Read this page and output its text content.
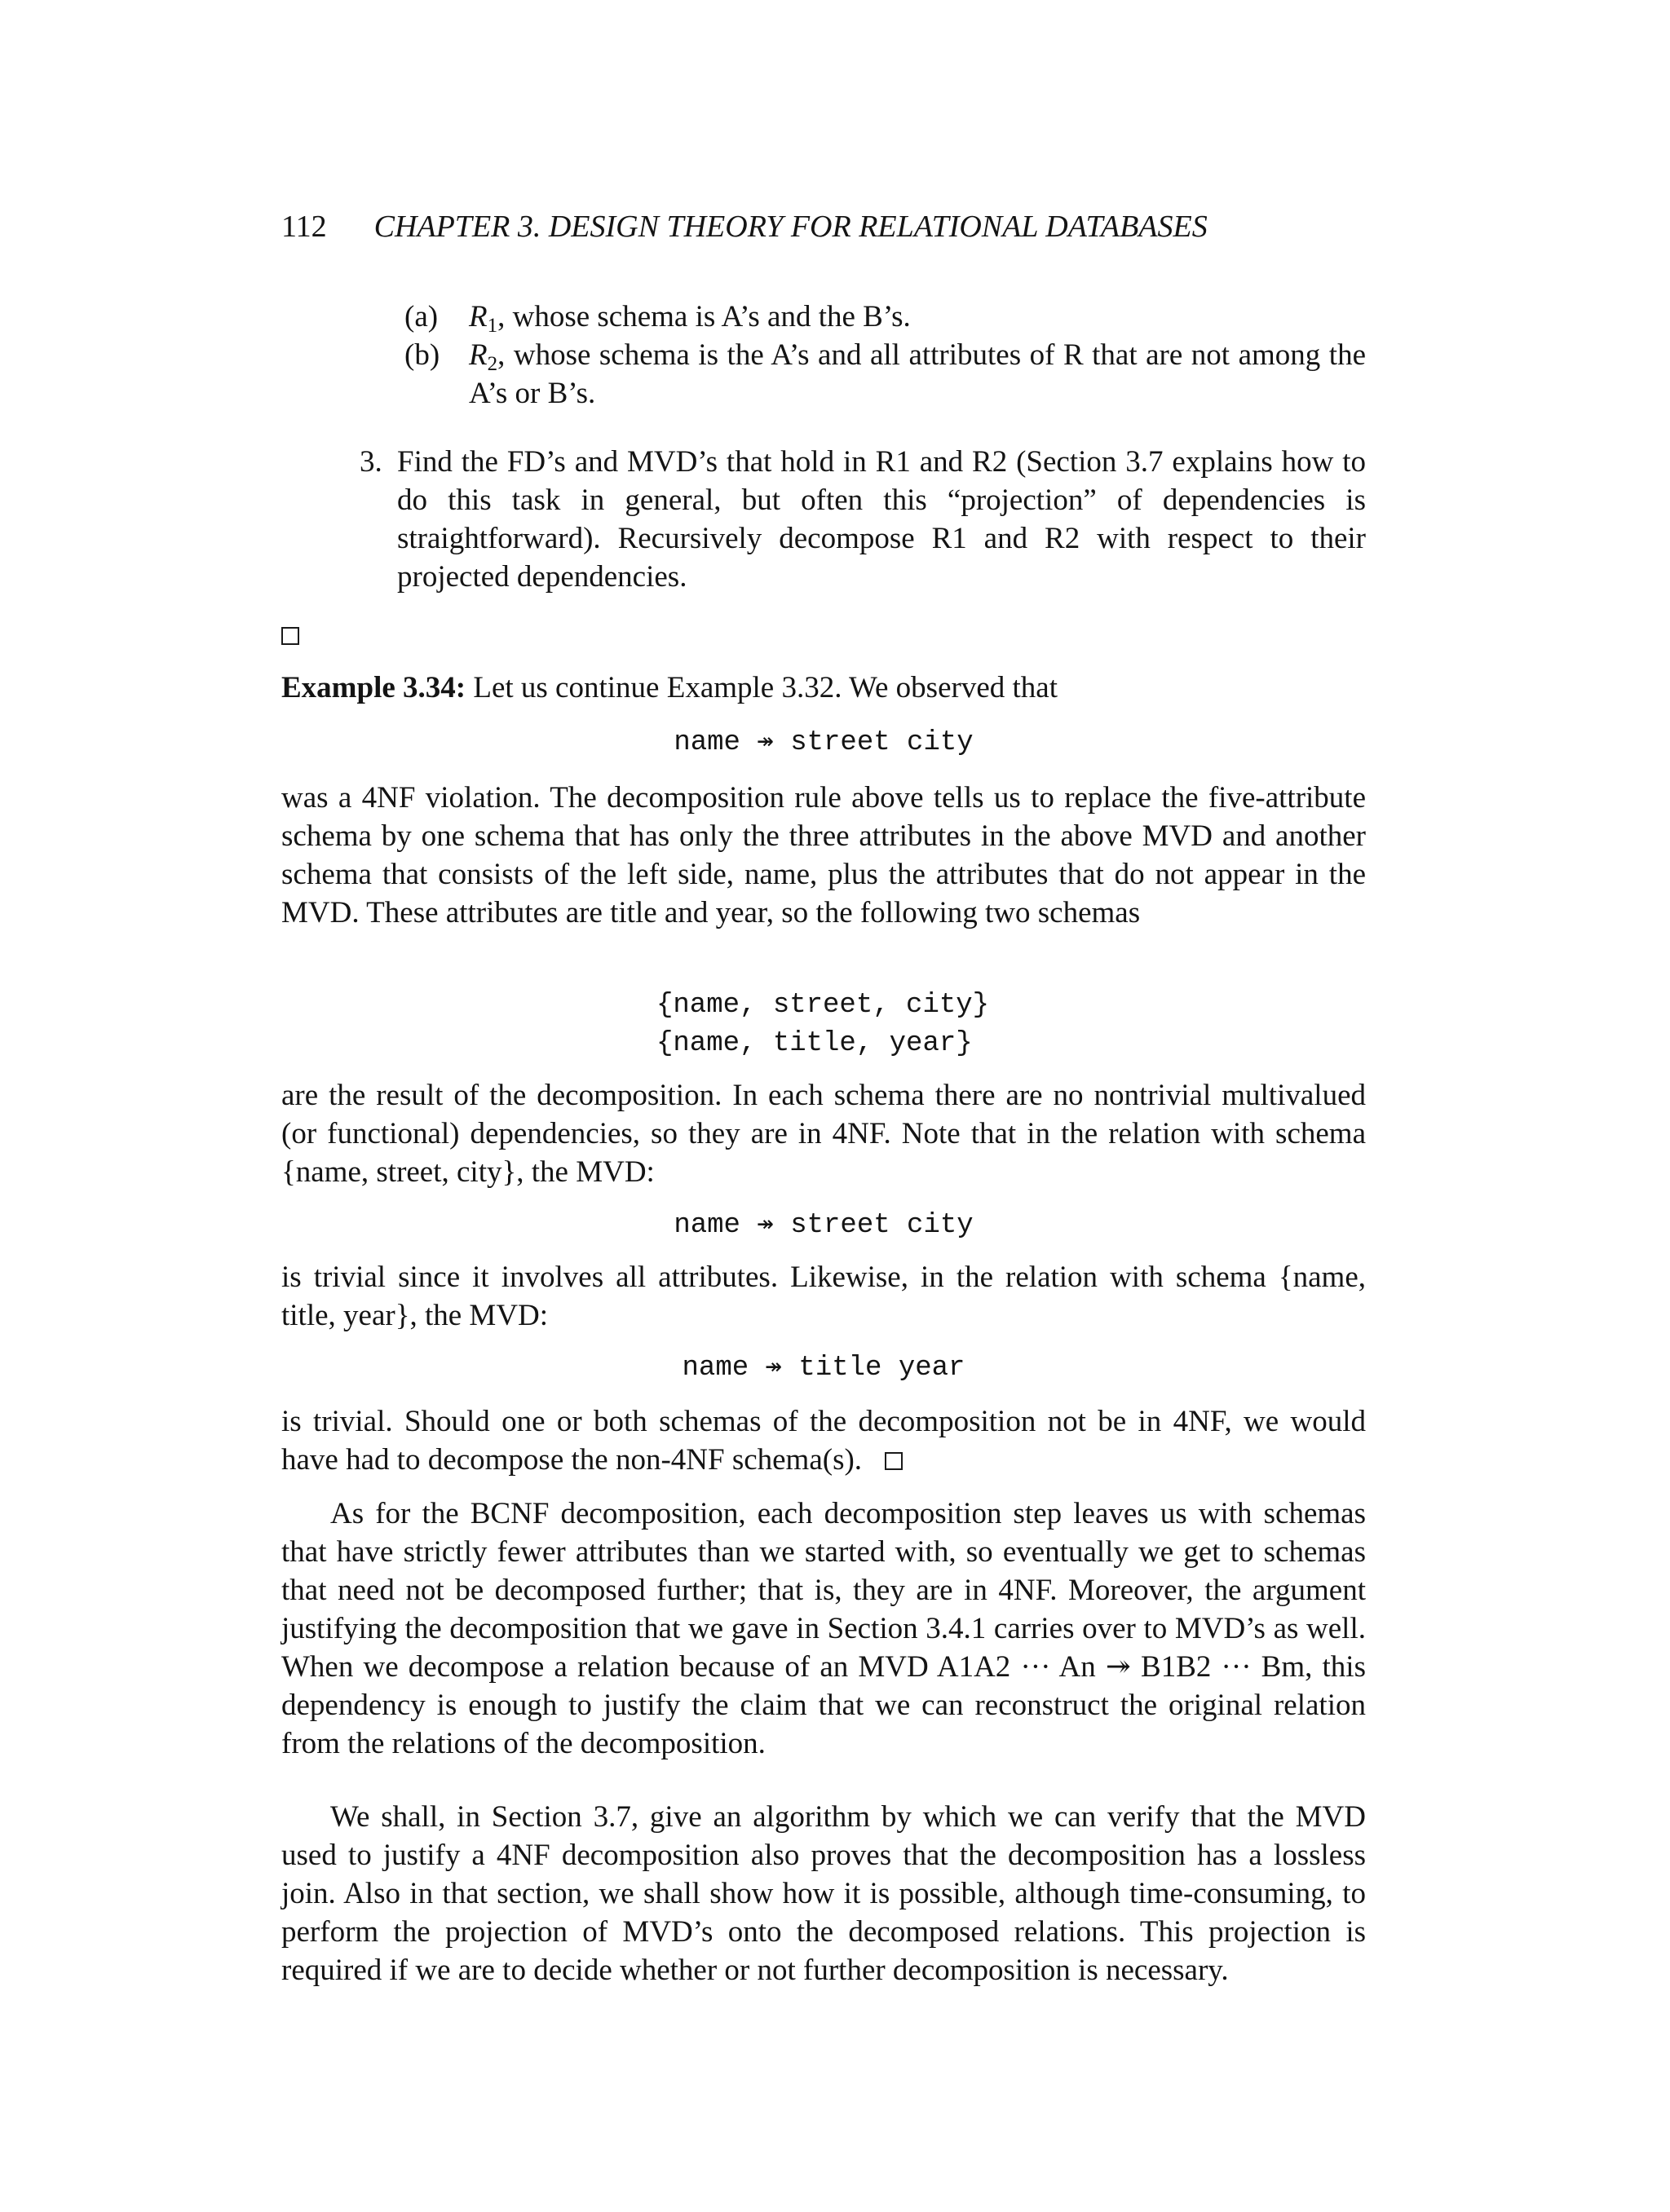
112 CHAPTER 3. DESIGN THEORY FOR RELATIONAL DATABASES
(a) $R_1$, whose schema is A’s and the B’s.
(b) $R_2$, whose schema is the A’s and all attributes of R that are not among the A’s or B’s.
3. Find the FD’s and MVD’s that hold in R1 and R2 (Section 3.7 explains how to do this task in general, but often this “projection” of dependencies is straightforward). Recursively decompose R1 and R2 with respect to their projected dependencies.
Example 3.34: Let us continue Example 3.32. We observed that
name ↠ street city
was a 4NF violation. The decomposition rule above tells us to replace the five-attribute schema by one schema that has only the three attributes in the above MVD and another schema that consists of the left side, name, plus the attributes that do not appear in the MVD. These attributes are title and year, so the following two schemas
{name, street, city}
{name, title, year}
are the result of the decomposition. In each schema there are no nontrivial multivalued (or functional) dependencies, so they are in 4NF. Note that in the relation with schema {name, street, city}, the MVD:
name ↠ street city
is trivial since it involves all attributes. Likewise, in the relation with schema {name, title, year}, the MVD:
name ↠ title year
is trivial. Should one or both schemas of the decomposition not be in 4NF, we would have had to decompose the non-4NF schema(s).
As for the BCNF decomposition, each decomposition step leaves us with schemas that have strictly fewer attributes than we started with, so eventually we get to schemas that need not be decomposed further; that is, they are in 4NF. Moreover, the argument justifying the decomposition that we gave in Section 3.4.1 carries over to MVD’s as well. When we decompose a relation because of an MVD A1A2 ··· An ↠ B1B2 ··· Bm, this dependency is enough to justify the claim that we can reconstruct the original relation from the relations of the decomposition.
We shall, in Section 3.7, give an algorithm by which we can verify that the MVD used to justify a 4NF decomposition also proves that the decomposition has a lossless join. Also in that section, we shall show how it is possible, although time-consuming, to perform the projection of MVD’s onto the decomposed relations. This projection is required if we are to decide whether or not further decomposition is necessary.
